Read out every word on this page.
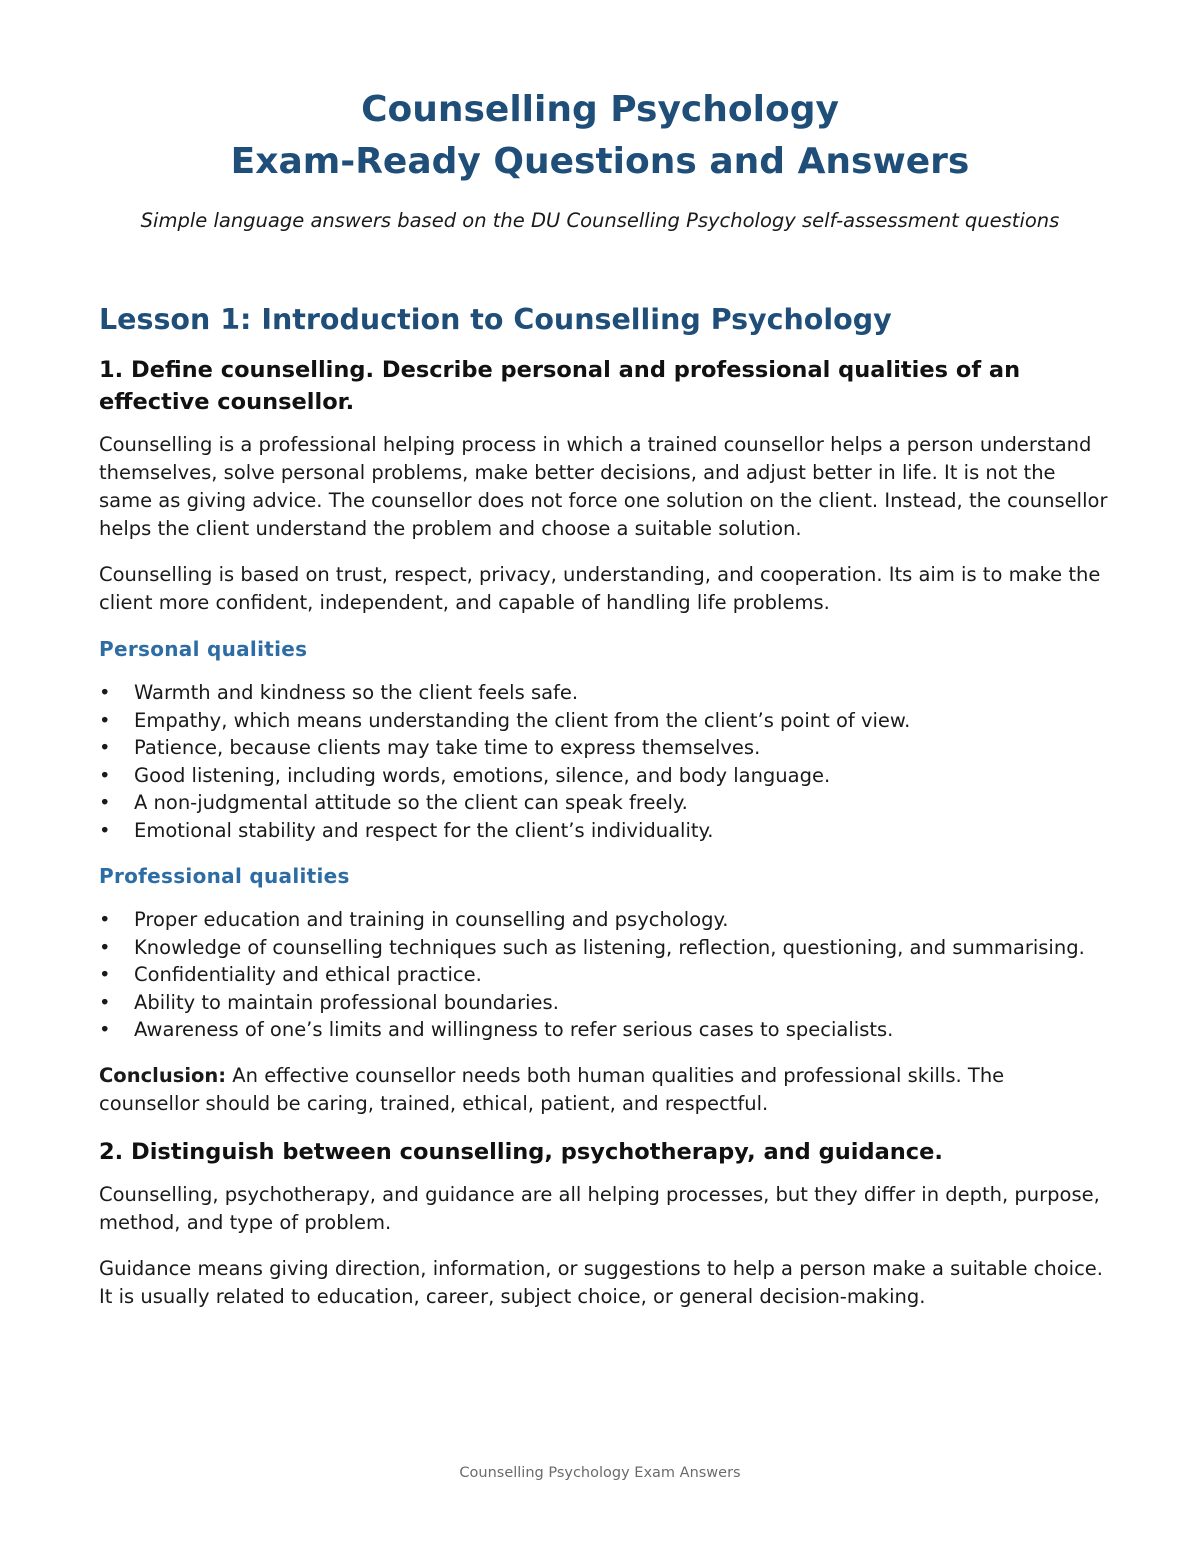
Counselling Psychology
Exam-Ready Questions and Answers
Simple language answers based on the DU Counselling Psychology self-assessment questions
Lesson 1: Introduction to Counselling Psychology
1. Define counselling. Describe personal and professional qualities of an effective counsellor.

Counselling is a professional helping process in which a trained counsellor helps a person understand themselves, solve personal problems, make better decisions, and adjust better in life. It is not the same as giving advice. The counsellor does not force one solution on the client. Instead, the counsellor helps the client understand the problem and choose a suitable solution.

Counselling is based on trust, respect, privacy, understanding, and cooperation. Its aim is to make the client more confident, independent, and capable of handling life problems.

Personal qualities
• Warmth and kindness so the client feels safe.
• Empathy, which means understanding the client from the client’s point of view.
• Patience, because clients may take time to express themselves.
• Good listening, including words, emotions, silence, and body language.
• A non-judgmental attitude so the client can speak freely.
• Emotional stability and respect for the client’s individuality.
Professional qualities
• Proper education and training in counselling and psychology.
• Knowledge of counselling techniques such as listening, reflection, questioning, and summarising.
• Confidentiality and ethical practice.
• Ability to maintain professional boundaries.
• Awareness of one’s limits and willingness to refer serious cases to specialists.

Conclusion: An effective counsellor needs both human qualities and professional skills. The counsellor should be caring, trained, ethical, patient, and respectful.

2. Distinguish between counselling, psychotherapy, and guidance.

Counselling, psychotherapy, and guidance are all helping processes, but they differ in depth, purpose, method, and type of problem.

Guidance means giving direction, information, or suggestions to help a person make a suitable choice. It is usually related to education, career, subject choice, or general decision-making.

Counselling Psychology Exam Answers
